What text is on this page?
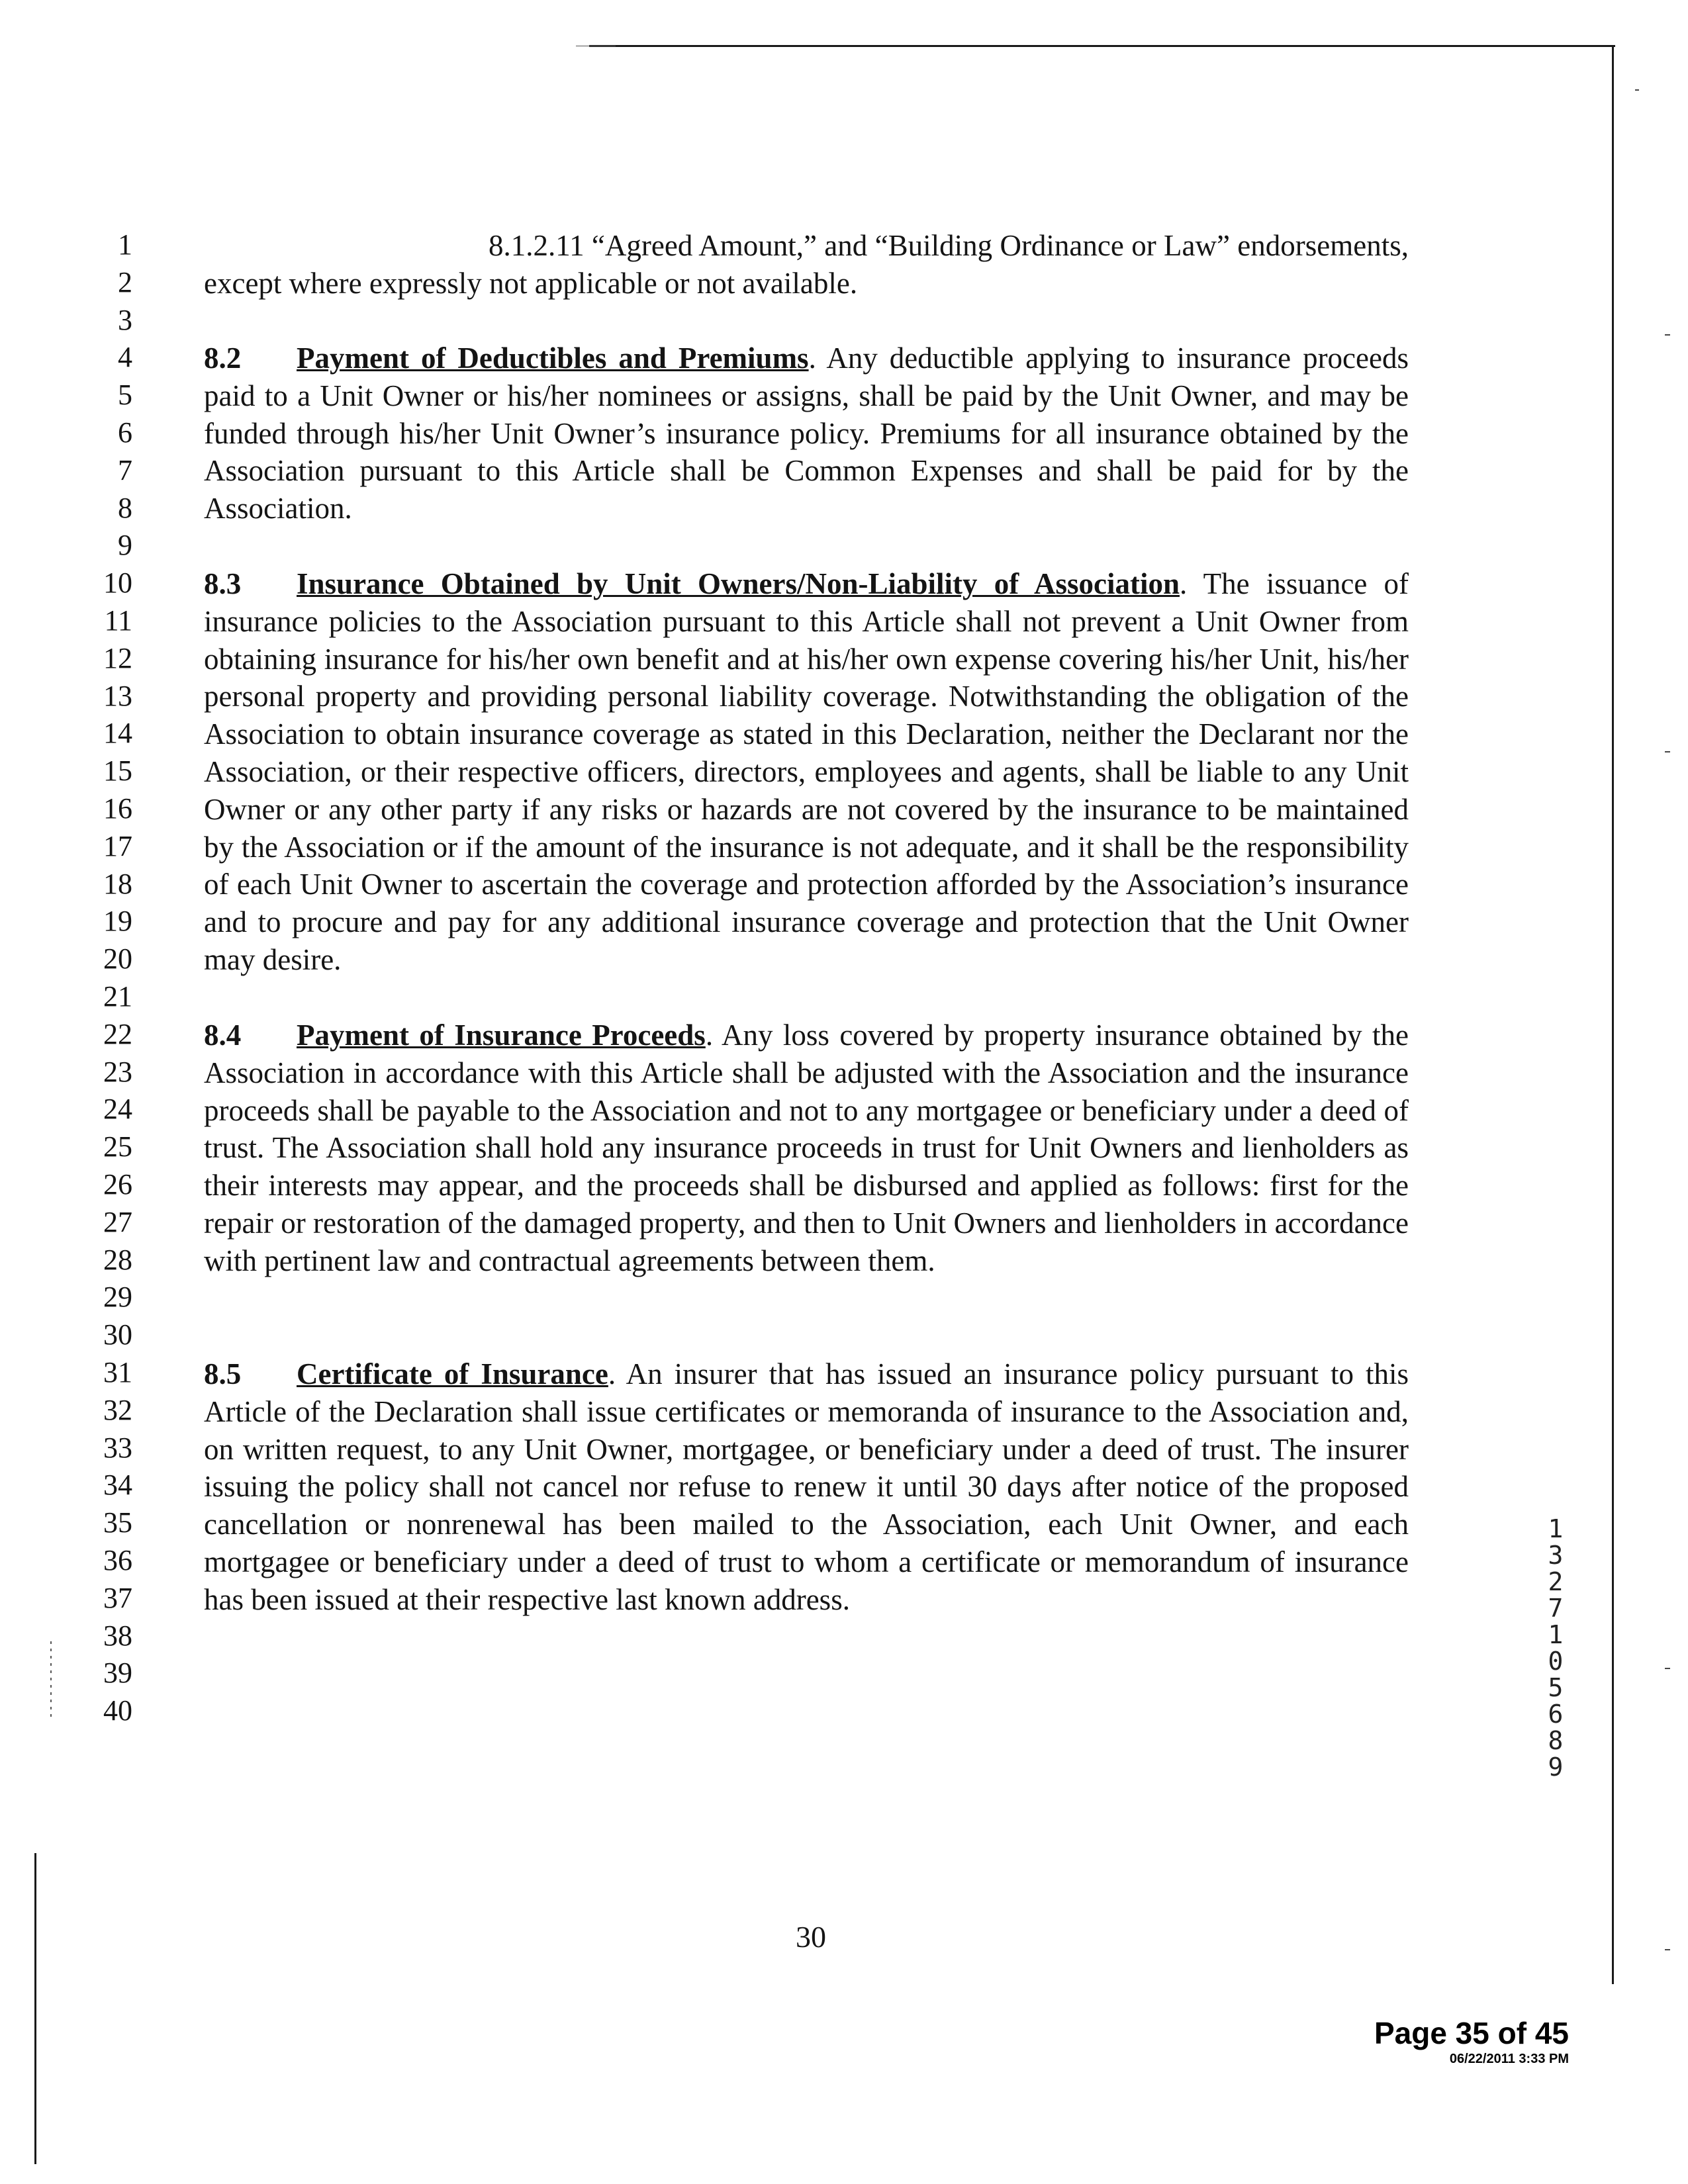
1
2
3
4
5
6
7
8
9
10
11
12
13
14
15
16
17
18
19
20
21
22
23
24
25
26
27
28
29
30
31
32
33
34
35
36
37
38
39
40

8.1.2.11 “Agreed Amount,” and “Building Ordinance or Law” endorsements, except where expressly not applicable or not available.

8.2 Payment of Deductibles and Premiums. Any deductible applying to insurance proceeds paid to a Unit Owner or his/her nominees or assigns, shall be paid by the Unit Owner, and may be funded through his/her Unit Owner’s insurance policy. Premiums for all insurance obtained by the Association pursuant to this Article shall be Common Expenses and shall be paid for by the Association.

8.3 Insurance Obtained by Unit Owners/Non-Liability of Association. The issuance of insurance policies to the Association pursuant to this Article shall not prevent a Unit Owner from obtaining insurance for his/her own benefit and at his/her own expense covering his/her Unit, his/her personal property and providing personal liability coverage. Notwithstanding the obligation of the Association to obtain insurance coverage as stated in this Declaration, neither the Declarant nor the Association, or their respective officers, directors, employees and agents, shall be liable to any Unit Owner or any other party if any risks or hazards are not covered by the insurance to be maintained by the Association or if the amount of the insurance is not adequate, and it shall be the responsibility of each Unit Owner to ascertain the coverage and protection afforded by the Association’s insurance and to procure and pay for any additional insurance coverage and protection that the Unit Owner may desire.

8.4 Payment of Insurance Proceeds. Any loss covered by property insurance obtained by the Association in accordance with this Article shall be adjusted with the Association and the insurance proceeds shall be payable to the Association and not to any mortgagee or beneficiary under a deed of trust. The Association shall hold any insurance proceeds in trust for Unit Owners and lienholders as their interests may appear, and the proceeds shall be disbursed and applied as follows: first for the repair or restoration of the damaged property, and then to Unit Owners and lienholders in accordance with pertinent law and contractual agreements between them.

8.5 Certificate of Insurance. An insurer that has issued an insurance policy pursuant to this Article of the Declaration shall issue certificates or memoranda of insurance to the Association and, on written request, to any Unit Owner, mortgagee, or beneficiary under a deed of trust. The insurer issuing the policy shall not cancel nor refuse to renew it until 30 days after notice of the proposed cancellation or nonrenewal has been mailed to the Association, each Unit Owner, and each mortgagee or beneficiary under a deed of trust to whom a certificate or memorandum of insurance has been issued at their respective last known address.

30
13271 05689
Page 35 of 45
06/22/2011 3:33 PM
